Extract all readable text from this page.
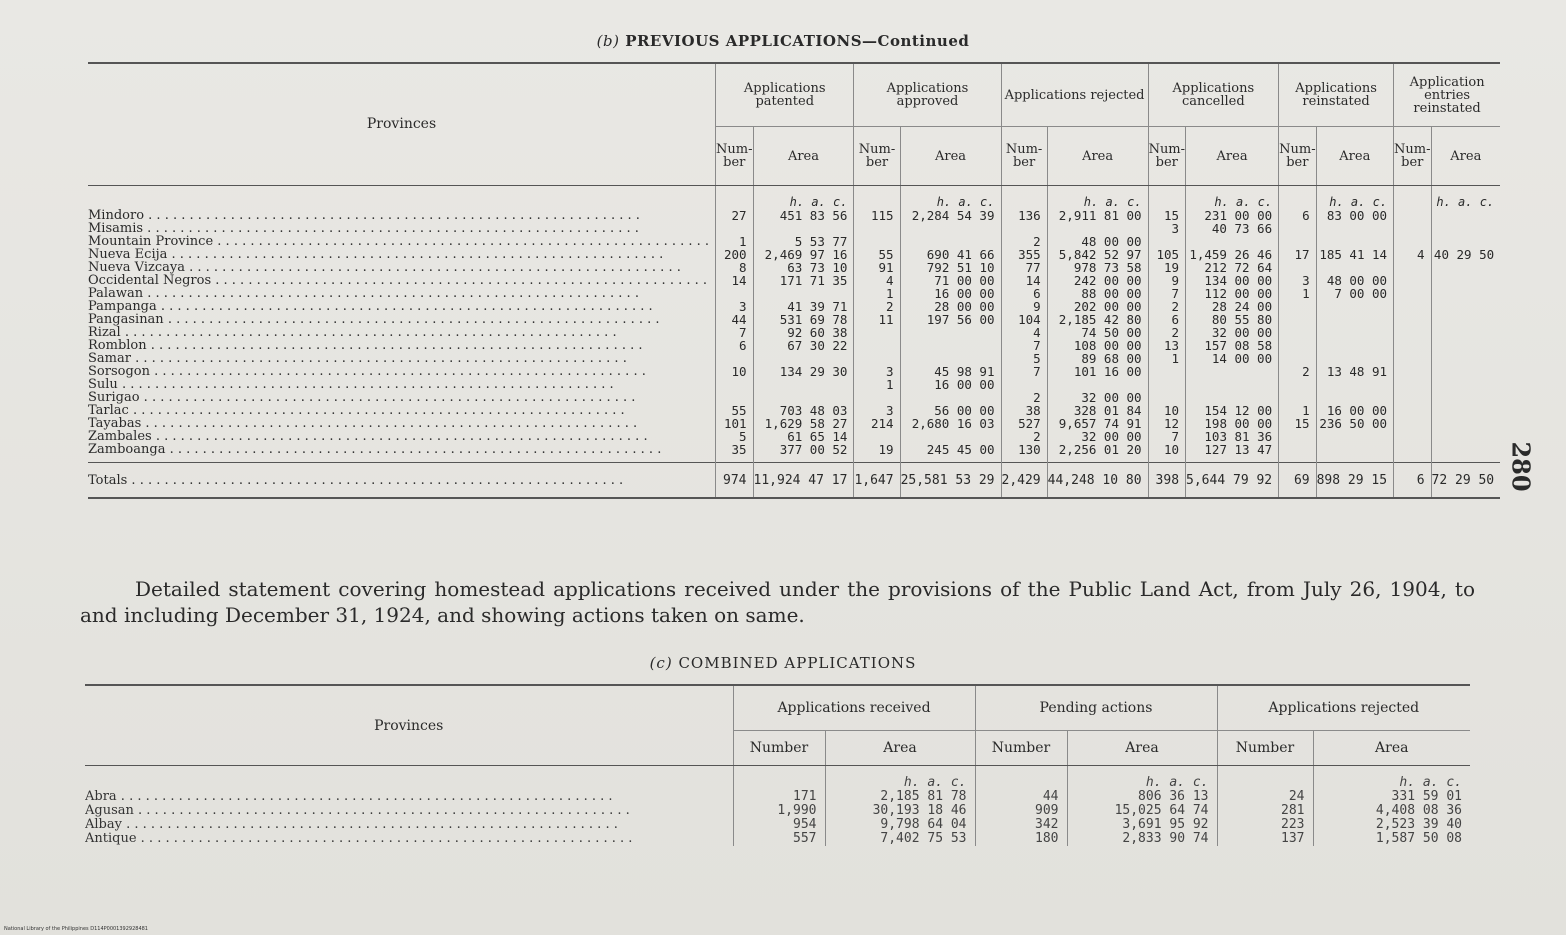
(b) PREVIOUS APPLICATIONS—Continued
Provinces	Applications patented		Applications approved		Applications rejected		Applications cancelled		Applications reinstated		Application entries reinstated	
	Num-ber	Area	Num-ber	Area	Num-ber	Area	Num-ber	Area	Num-ber	Area	Num-ber	Area
		h. a. c.		h. a. c.		h. a. c.		h. a. c.		h. a. c.		h. a. c.
Mindoro . . . . . . . . . . . . . . . . . . . . . . . . . . . . . . . . . . . . . . . . . . . . . . . . . . . . . . . . . . . .	27	451 83 56	115	2,284 54 39	136	2,911 81 00	15	231 00 00	6	83 00 00		
Misamis . . . . . . . . . . . . . . . . . . . . . . . . . . . . . . . . . . . . . . . . . . . . . . . . . . . . . . . . . . . .							3	40 73 66				
Mountain Province . . . . . . . . . . . . . . . . . . . . . . . . . . . . . . . . . . . . . . . . . . . . . . . . . . . . . . . . . . . .	1	5 53 77			2	48 00 00						
Nueva Ecija . . . . . . . . . . . . . . . . . . . . . . . . . . . . . . . . . . . . . . . . . . . . . . . . . . . . . . . . . . . .	200	2,469 97 16	55	690 41 66	355	5,842 52 97	105	1,459 26 46	17	185 41 14	4	40 29 50
Nueva Vizcaya . . . . . . . . . . . . . . . . . . . . . . . . . . . . . . . . . . . . . . . . . . . . . . . . . . . . . . . . . . . .	8	63 73 10	91	792 51 10	77	978 73 58	19	212 72 64				
Occidental Negros . . . . . . . . . . . . . . . . . . . . . . . . . . . . . . . . . . . . . . . . . . . . . . . . . . . . . . . . . . . .	14	171 71 35	4	71 00 00	14	242 00 00	9	134 00 00	3	48 00 00		
Palawan . . . . . . . . . . . . . . . . . . . . . . . . . . . . . . . . . . . . . . . . . . . . . . . . . . . . . . . . . . . .			1	16 00 00	6	88 00 00	7	112 00 00	1	7 00 00		
Pampanga . . . . . . . . . . . . . . . . . . . . . . . . . . . . . . . . . . . . . . . . . . . . . . . . . . . . . . . . . . . .	3	41 39 71	2	28 00 00	9	202 00 00	2	28 24 00				
Pangasinan . . . . . . . . . . . . . . . . . . . . . . . . . . . . . . . . . . . . . . . . . . . . . . . . . . . . . . . . . . . .	44	531 69 78	11	197 56 00	104	2,185 42 80	6	80 55 80				
Rizal . . . . . . . . . . . . . . . . . . . . . . . . . . . . . . . . . . . . . . . . . . . . . . . . . . . . . . . . . . . .	7	92 60 38			4	74 50 00	2	32 00 00				
Romblon . . . . . . . . . . . . . . . . . . . . . . . . . . . . . . . . . . . . . . . . . . . . . . . . . . . . . . . . . . . .	6	67 30 22			7	108 00 00	13	157 08 58				
Samar . . . . . . . . . . . . . . . . . . . . . . . . . . . . . . . . . . . . . . . . . . . . . . . . . . . . . . . . . . . .					5	89 68 00	1	14 00 00				
Sorsogon . . . . . . . . . . . . . . . . . . . . . . . . . . . . . . . . . . . . . . . . . . . . . . . . . . . . . . . . . . . .	10	134 29 30	3	45 98 91	7	101 16 00			2	13 48 91		
Sulu . . . . . . . . . . . . . . . . . . . . . . . . . . . . . . . . . . . . . . . . . . . . . . . . . . . . . . . . . . . .			1	16 00 00								
Surigao . . . . . . . . . . . . . . . . . . . . . . . . . . . . . . . . . . . . . . . . . . . . . . . . . . . . . . . . . . . .					2	32 00 00						
Tarlac . . . . . . . . . . . . . . . . . . . . . . . . . . . . . . . . . . . . . . . . . . . . . . . . . . . . . . . . . . . .	55	703 48 03	3	56 00 00	38	328 01 84	10	154 12 00	1	16 00 00		
Tayabas . . . . . . . . . . . . . . . . . . . . . . . . . . . . . . . . . . . . . . . . . . . . . . . . . . . . . . . . . . . .	101	1,629 58 27	214	2,680 16 03	527	9,657 74 91	12	198 00 00	15	236 50 00		
Zambales . . . . . . . . . . . . . . . . . . . . . . . . . . . . . . . . . . . . . . . . . . . . . . . . . . . . . . . . . . . .	5	61 65 14			2	32 00 00	7	103 81 36				
Zamboanga . . . . . . . . . . . . . . . . . . . . . . . . . . . . . . . . . . . . . . . . . . . . . . . . . . . . . . . . . . . .	35	377 00 52	19	245 45 00	130	2,256 01 20	10	127 13 47				
Totals . . . . . . . . . . . . . . . . . . . . . . . . . . . . . . . . . . . . . . . . . . . . . . . . . . . . . . . . . . . .	974	11,924 47 17	1,647	25,581 53 29	2,429	44,248 10 80	398	5,644 79 92	69	898 29 15	6	72 29 50
Detailed statement covering homestead applications received under the provisions of the Public Land Act, from July 26, 1904, to and including December 31, 1924, and showing actions taken on same.
(c) COMBINED APPLICATIONS
Provinces	Applications received		Pending actions		Applications rejected	
	Number	Area	Number	Area	Number	Area
		h. a. c.		h. a. c.		h. a. c.
Abra . . . . . . . . . . . . . . . . . . . . . . . . . . . . . . . . . . . . . . . . . . . . . . . . . . . . . . . . . . . .	171	2,185 81 78	44	806 36 13	24	331 59 01
Agusan . . . . . . . . . . . . . . . . . . . . . . . . . . . . . . . . . . . . . . . . . . . . . . . . . . . . . . . . . . . .	1,990	30,193 18 46	909	15,025 64 74	281	4,408 08 36
Albay . . . . . . . . . . . . . . . . . . . . . . . . . . . . . . . . . . . . . . . . . . . . . . . . . . . . . . . . . . . .	954	9,798 64 04	342	3,691 95 92	223	2,523 39 40
Antique . . . . . . . . . . . . . . . . . . . . . . . . . . . . . . . . . . . . . . . . . . . . . . . . . . . . . . . . . . . .	557	7,402 75 53	180	2,833 90 74	137	1,587 50 08
280
National Library of the Philippines D114P0001392928481
